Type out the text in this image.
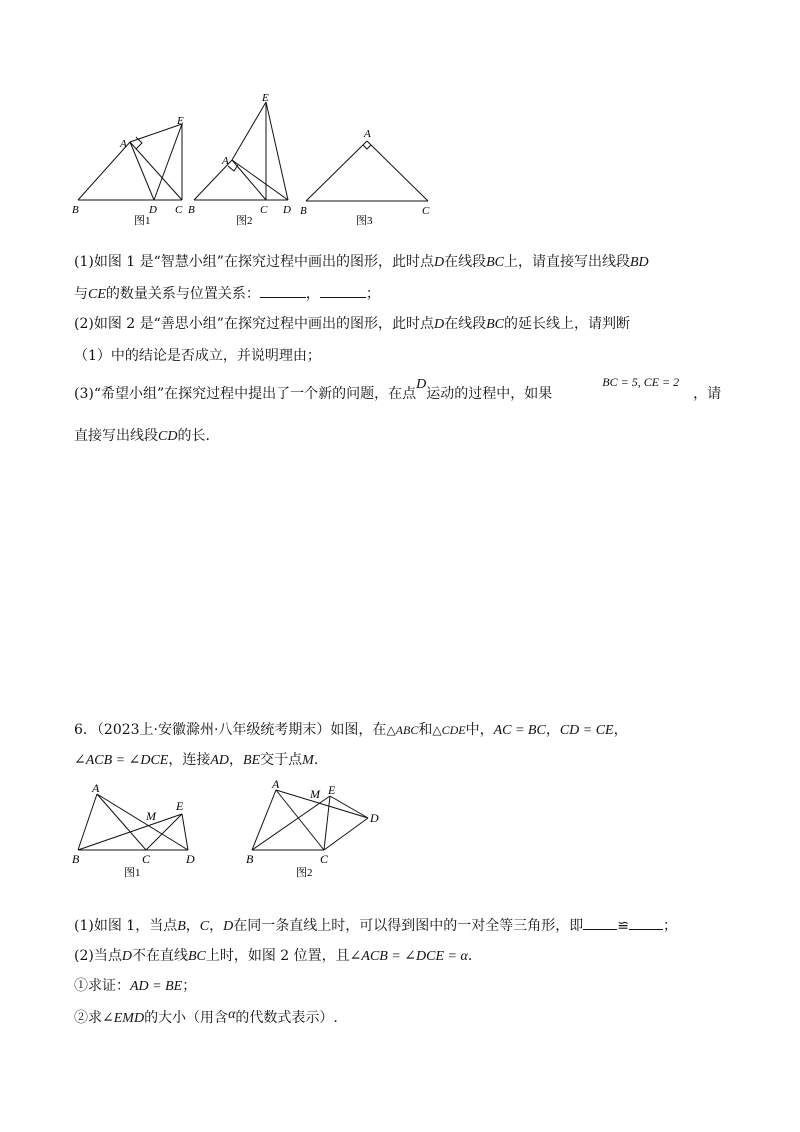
A
E
B	D C
图1
E
A
B	C D
图2
A
B	C
图3
(1)如图 1 是“智慧小组”在探究过程中画出的图形，此时点D在线段BC上，请直接写出线段BD
与CE的数量关系与位置关系：	，	；
(2)如图 2 是“善思小组”在探究过程中画出的图形，此时点D在线段BC的延长线上，请判断
（1）中的结论是否成立，并说明理由；
(3)“希望小组”在探究过程中提出了一个新的问题，在点D运动的过程中，如果BC = 5, CE = 2，请
直接写出线段CD的长.
6．（2023上·安徽滁州·八年级统考期末）如图，在△ABC和△CDE中，AC = BC，CD = CE，
∠ACB = ∠DCE，连接AD，BE交于点M.
A
M
E
B	C	D
图1
A
M E
D
B	C
图2
(1)如图 1，当点B，C，D在同一条直线上时，可以得到图中的一对全等三角形，即 ≌ ；
(2)当点D不在直线BC上时，如图 2 位置，且∠ACB = ∠DCE = α.
①求证：AD = BE；
②求∠EMD的大小（用含α的代数式表示）.
